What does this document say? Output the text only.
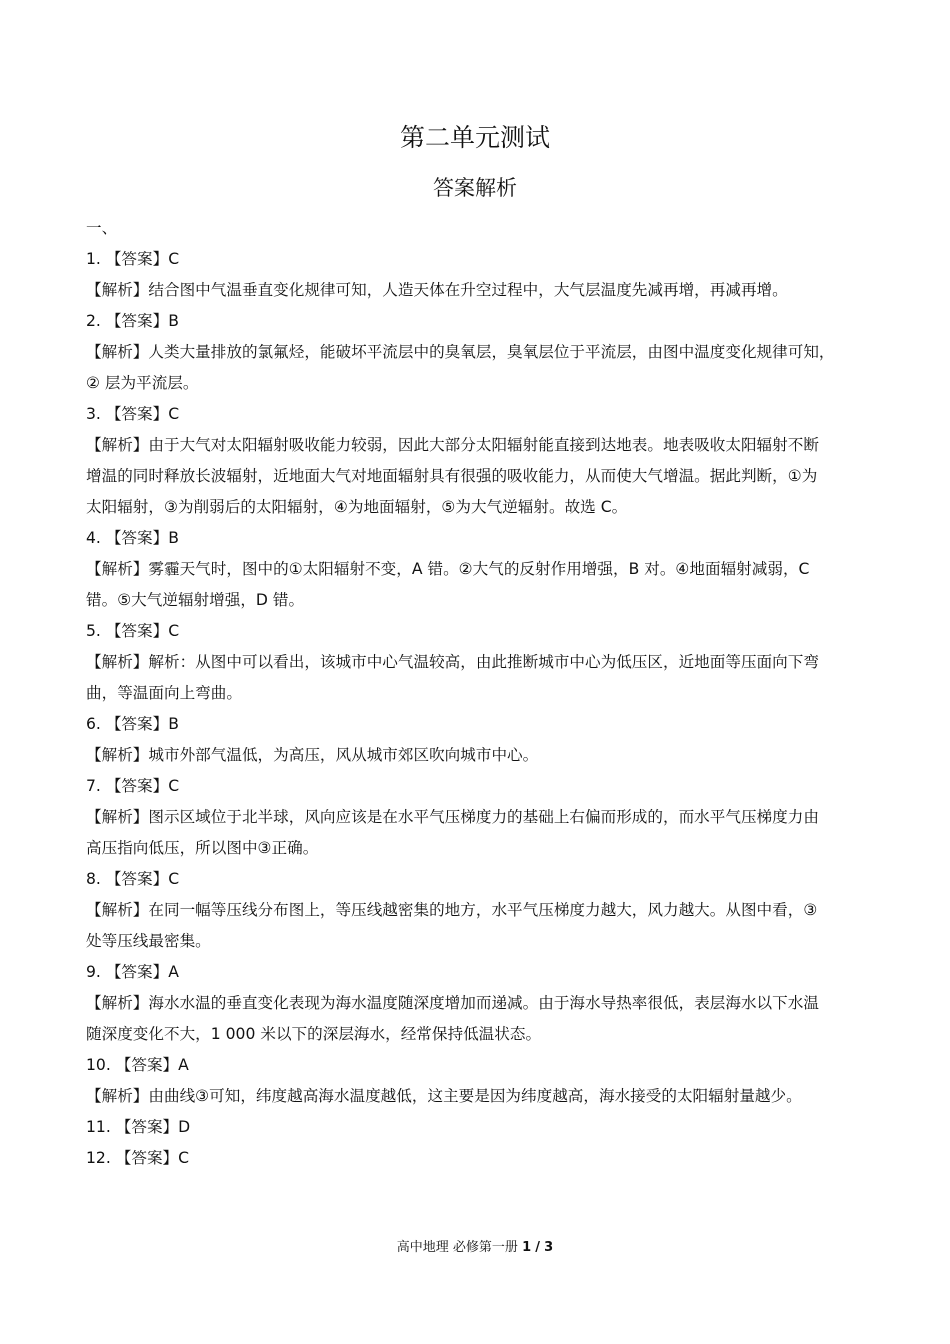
第二单元测试
答案解析

一、

1. 【答案】C

【解析】结合图中气温垂直变化规律可知，人造天体在升空过程中，大气层温度先减再增，再减再增。

2. 【答案】B

【解析】人类大量排放的氯氟烃，能破坏平流层中的臭氧层，臭氧层位于平流层，由图中温度变化规律可知，

② 层为平流层。

3. 【答案】C

【解析】由于大气对太阳辐射吸收能力较弱，因此大部分太阳辐射能直接到达地表。地表吸收太阳辐射不断

增温的同时释放长波辐射，近地面大气对地面辐射具有很强的吸收能力，从而使大气增温。据此判断，①为

太阳辐射，③为削弱后的太阳辐射，④为地面辐射，⑤为大气逆辐射。故选 C。

4. 【答案】B

【解析】雾霾天气时，图中的①太阳辐射不变，A 错。②大气的反射作用增强，B 对。④地面辐射减弱，C

错。⑤大气逆辐射增强，D 错。

5. 【答案】C

【解析】解析：从图中可以看出，该城市中心气温较高，由此推断城市中心为低压区，近地面等压面向下弯

曲，等温面向上弯曲。

6. 【答案】B

【解析】城市外部气温低，为高压，风从城市郊区吹向城市中心。

7. 【答案】C

【解析】图示区域位于北半球，风向应该是在水平气压梯度力的基础上右偏而形成的，而水平气压梯度力由

高压指向低压，所以图中③正确。

8. 【答案】C

【解析】在同一幅等压线分布图上，等压线越密集的地方，水平气压梯度力越大，风力越大。从图中看，③

处等压线最密集。

9. 【答案】A

【解析】海水水温的垂直变化表现为海水温度随深度增加而递减。由于海水导热率很低，表层海水以下水温

随深度变化不大，1 000 米以下的深层海水，经常保持低温状态。

10. 【答案】A

【解析】由曲线③可知，纬度越高海水温度越低，这主要是因为纬度越高，海水接受的太阳辐射量越少。

11. 【答案】D

12. 【答案】C

高中地理 必修第一册 1 / 3
